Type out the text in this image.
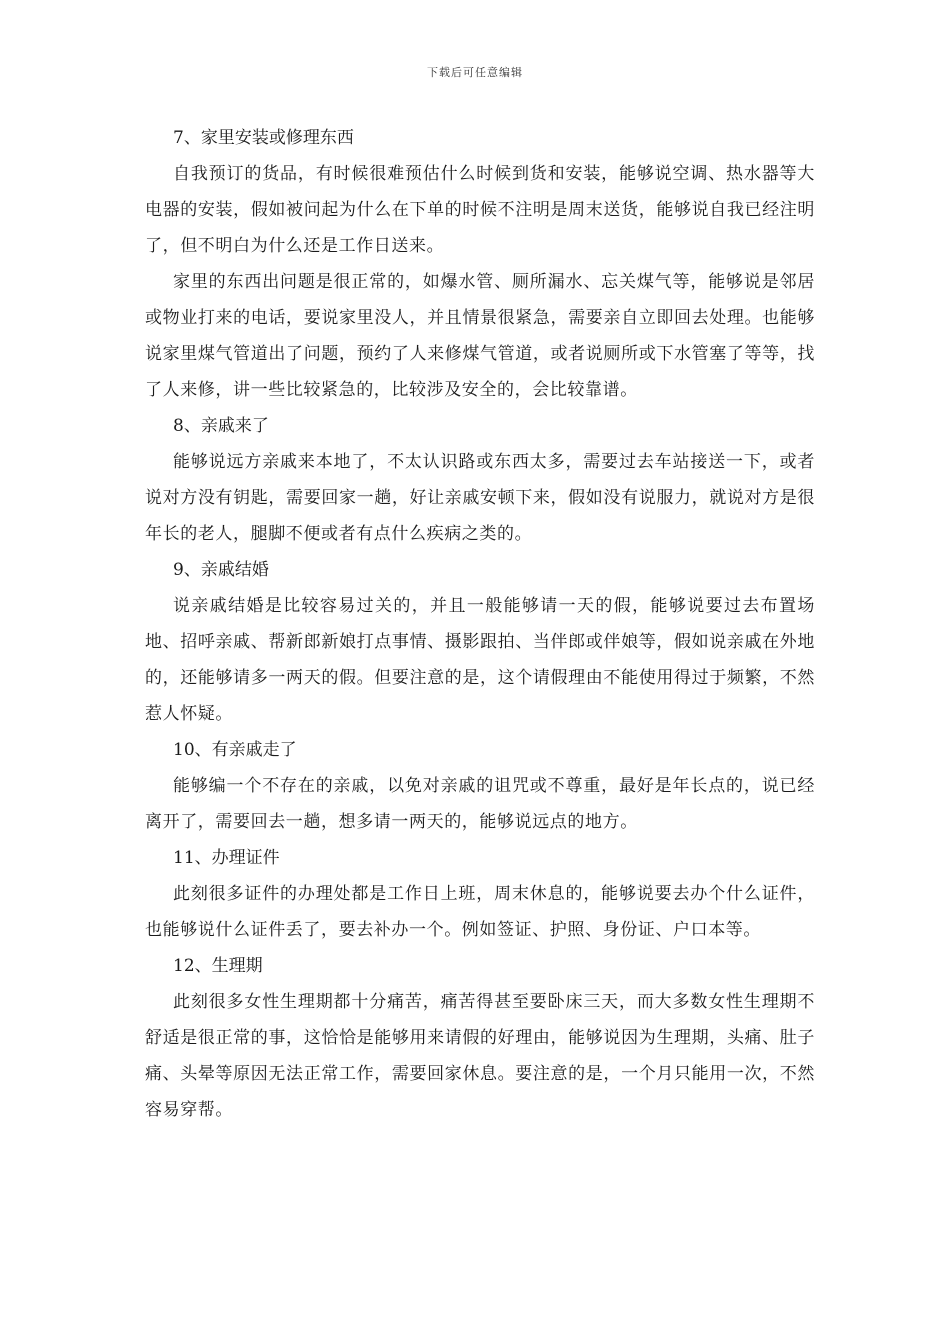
下载后可任意编辑

7、家里安装或修理东西

自我预订的货品，有时候很难预估什么时候到货和安装，能够说空调、热水器等大电器的安装，假如被问起为什么在下单的时候不注明是周末送货，能够说自我已经注明了，但不明白为什么还是工作日送来。

家里的东西出问题是很正常的，如爆水管、厕所漏水、忘关煤气等，能够说是邻居或物业打来的电话，要说家里没人，并且情景很紧急，需要亲自立即回去处理。也能够说家里煤气管道出了问题，预约了人来修煤气管道，或者说厕所或下水管塞了等等，找了人来修，讲一些比较紧急的，比较涉及安全的，会比较靠谱。

8、亲戚来了

能够说远方亲戚来本地了，不太认识路或东西太多，需要过去车站接送一下，或者说对方没有钥匙，需要回家一趟，好让亲戚安顿下来，假如没有说服力，就说对方是很年长的老人，腿脚不便或者有点什么疾病之类的。

9、亲戚结婚

说亲戚结婚是比较容易过关的，并且一般能够请一天的假，能够说要过去布置场地、招呼亲戚、帮新郎新娘打点事情、摄影跟拍、当伴郎或伴娘等，假如说亲戚在外地的，还能够请多一两天的假。但要注意的是，这个请假理由不能使用得过于频繁，不然惹人怀疑。

10、有亲戚走了

能够编一个不存在的亲戚，以免对亲戚的诅咒或不尊重，最好是年长点的，说已经离开了，需要回去一趟，想多请一两天的，能够说远点的地方。

11、办理证件

此刻很多证件的办理处都是工作日上班，周末休息的，能够说要去办个什么证件，也能够说什么证件丢了，要去补办一个。例如签证、护照、身份证、户口本等。

12、生理期

此刻很多女性生理期都十分痛苦，痛苦得甚至要卧床三天，而大多数女性生理期不舒适是很正常的事，这恰恰是能够用来请假的好理由，能够说因为生理期，头痛、肚子痛、头晕等原因无法正常工作，需要回家休息。要注意的是，一个月只能用一次，不然容易穿帮。
